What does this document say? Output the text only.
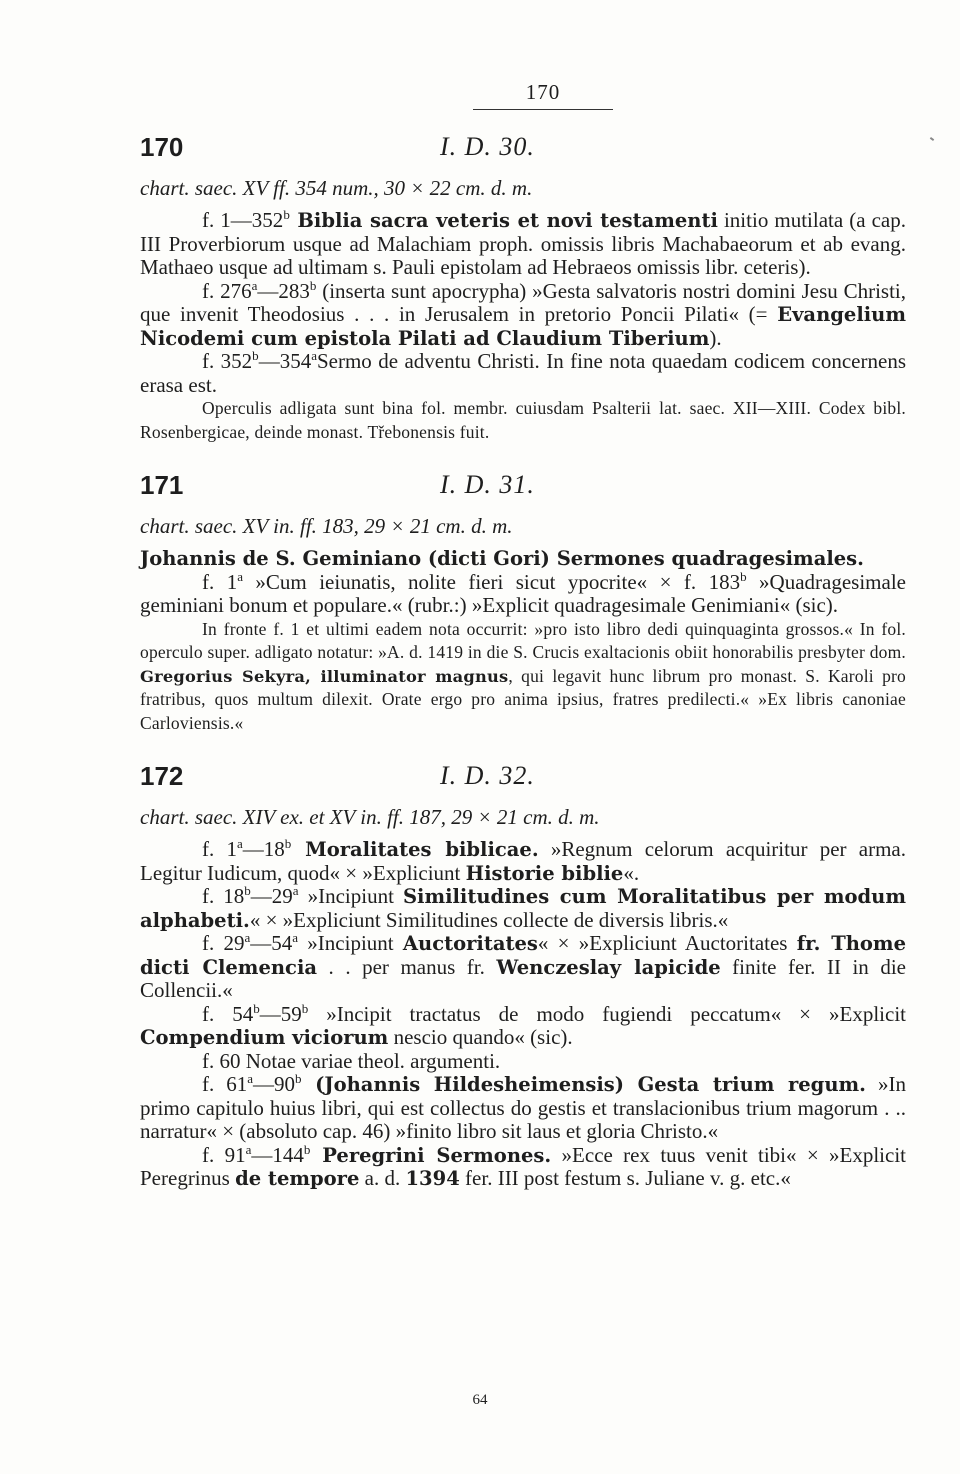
170
170	I. D. 30.
chart. saec. XV ff. 354 num., 30 × 22 cm. d. m.

f. 1—352$^b$ Biblia sacra veteris et novi testamenti initio mutilata (a cap. III Proverbiorum usque ad Malachiam proph. omissis libris Machabaeorum et ab evang. Mathaeo usque ad ultimam s. Pauli epistolam ad Hebraeos omissis libr. ceteris).

f. 276$^a$—283$^b$ (inserta sunt apocrypha) »Gesta salvatoris nostri domini Jesu Christi, que invenit Theodosius . . . in Jerusalem in pretorio Poncii Pilati« (= Evangelium Nicodemi cum epistola Pilati ad Claudium Tiberium).

f. 352$^b$—354$^a$Sermo de adventu Christi. In fine nota quaedam codicem concernens erasa est.

Operculis adligata sunt bina fol. membr. cuiusdam Psalterii lat. saec. XII—XIII. Codex bibl. Rosenbergicae, deinde monast. Třebonensis fuit.

171	I. D. 31.
chart. saec. XV in. ff. 183, 29 × 21 cm. d. m.

Johannis de S. Geminiano (dicti Gori) Sermones quadragesimales.

f. 1$^a$ »Cum ieiunatis, nolite fieri sicut ypocrite« × f. 183$^b$ »Quadragesimale geminiani bonum et populare.« (rubr.:) »Explicit quadragesimale Genimiani« (sic).

In fronte f. 1 et ultimi eadem nota occurrit: »pro isto libro dedi quinquaginta grossos.« In fol. operculo super. adligato notatur: »A. d. 1419 in die S. Crucis exaltacionis obiit honorabilis presbyter dom. Gregorius Sekyra, illuminator magnus, qui legavit hunc librum pro monast. S. Karoli pro fratribus, quos multum dilexit. Orate ergo pro anima ipsius, fratres predilecti.« »Ex libris canoniae Carloviensis.«

172	I. D. 32.
chart. saec. XIV ex. et XV in. ff. 187, 29 × 21 cm. d. m.

f. 1$^a$—18$^b$ Moralitates biblicae. »Regnum celorum acquiritur per arma. Legitur Iudicum, quod« × »Expliciunt Historie biblie«.

f. 18$^b$—29$^a$ »Incipiunt Similitudines cum Moralitatibus per modum alphabeti.« × »Expliciunt Similitudines collecte de diversis libris.«

f. 29$^a$—54$^a$ »Incipiunt Auctoritates« × »Expliciunt Auctoritates fr. Thome dicti Clemencia . . per manus fr. Wenczeslay lapicide finite fer. II in die Collencii.«

f. 54$^b$—59$^b$ »Incipit tractatus de modo fugiendi peccatum« × »Explicit Compendium viciorum nescio quando« (sic).

f. 60 Notae variae theol. argumenti.

f. 61$^a$—90$^b$ (Johannis Hildesheimensis) Gesta trium regum. »In primo capitulo huius libri, qui est collectus do gestis et translacionibus trium magorum . .. narratur« × (absoluto cap. 46) »finito libro sit laus et gloria Christo.«

f. 91$^a$—144$^b$ Peregrini Sermones. »Ecce rex tuus venit tibi« × »Explicit Peregrinus de tempore a. d. 1394 fer. III post festum s. Juliane v. g. etc.«

64
